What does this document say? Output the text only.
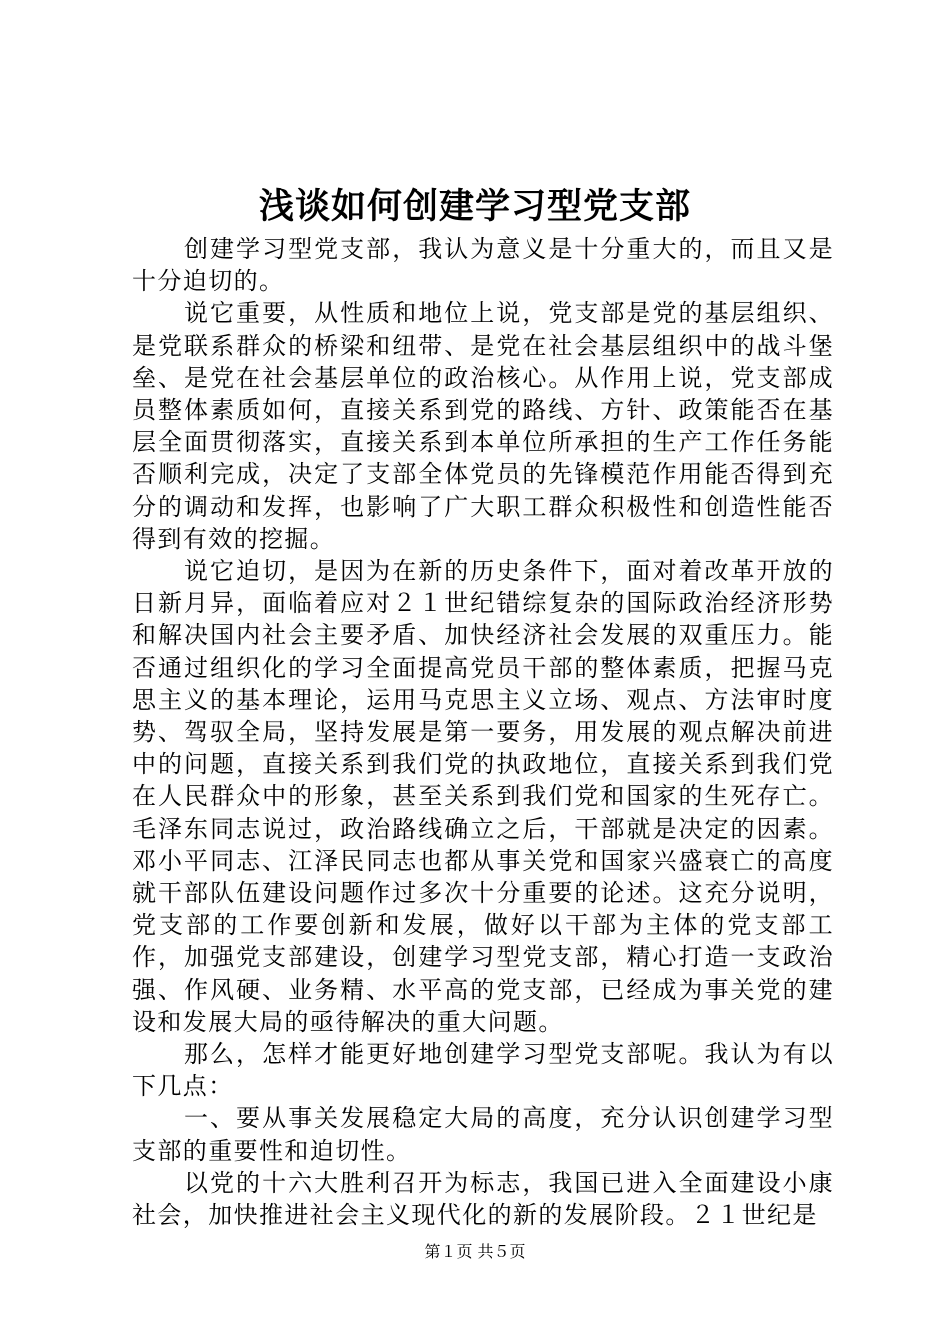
浅谈如何创建学习型党支部

创建学习型党支部，我认为意义是十分重大的，而且又是十分迫切的。

说它重要，从性质和地位上说，党支部是党的基层组织、是党联系群众的桥梁和纽带、是党在社会基层组织中的战斗堡垒、是党在社会基层单位的政治核心。从作用上说，党支部成员整体素质如何，直接关系到党的路线、方针、政策能否在基层全面贯彻落实，直接关系到本单位所承担的生产工作任务能否顺利完成，决定了支部全体党员的先锋模范作用能否得到充分的调动和发挥，也影响了广大职工群众积极性和创造性能否得到有效的挖掘。

说它迫切，是因为在新的历史条件下，面对着改革开放的日新月异，面临着应对２１世纪错综复杂的国际政治经济形势和解决国内社会主要矛盾、加快经济社会发展的双重压力。能否通过组织化的学习全面提高党员干部的整体素质，把握马克思主义的基本理论，运用马克思主义立场、观点、方法审时度势、驾驭全局，坚持发展是第一要务，用发展的观点解决前进中的问题，直接关系到我们党的执政地位，直接关系到我们党在人民群众中的形象，甚至关系到我们党和国家的生死存亡。毛泽东同志说过，政治路线确立之后，干部就是决定的因素。邓小平同志、江泽民同志也都从事关党和国家兴盛衰亡的高度就干部队伍建设问题作过多次十分重要的论述。这充分说明，党支部的工作要创新和发展，做好以干部为主体的党支部工作，加强党支部建设，创建学习型党支部，精心打造一支政治强、作风硬、业务精、水平高的党支部，已经成为事关党的建设和发展大局的亟待解决的重大问题。

那么，怎样才能更好地创建学习型党支部呢。我认为有以下几点：

一、要从事关发展稳定大局的高度，充分认识创建学习型支部的重要性和迫切性。

以党的十六大胜利召开为标志，我国已进入全面建设小康社会，加快推进社会主义现代化的新的发展阶段。２１世纪是

第１页 共５页
